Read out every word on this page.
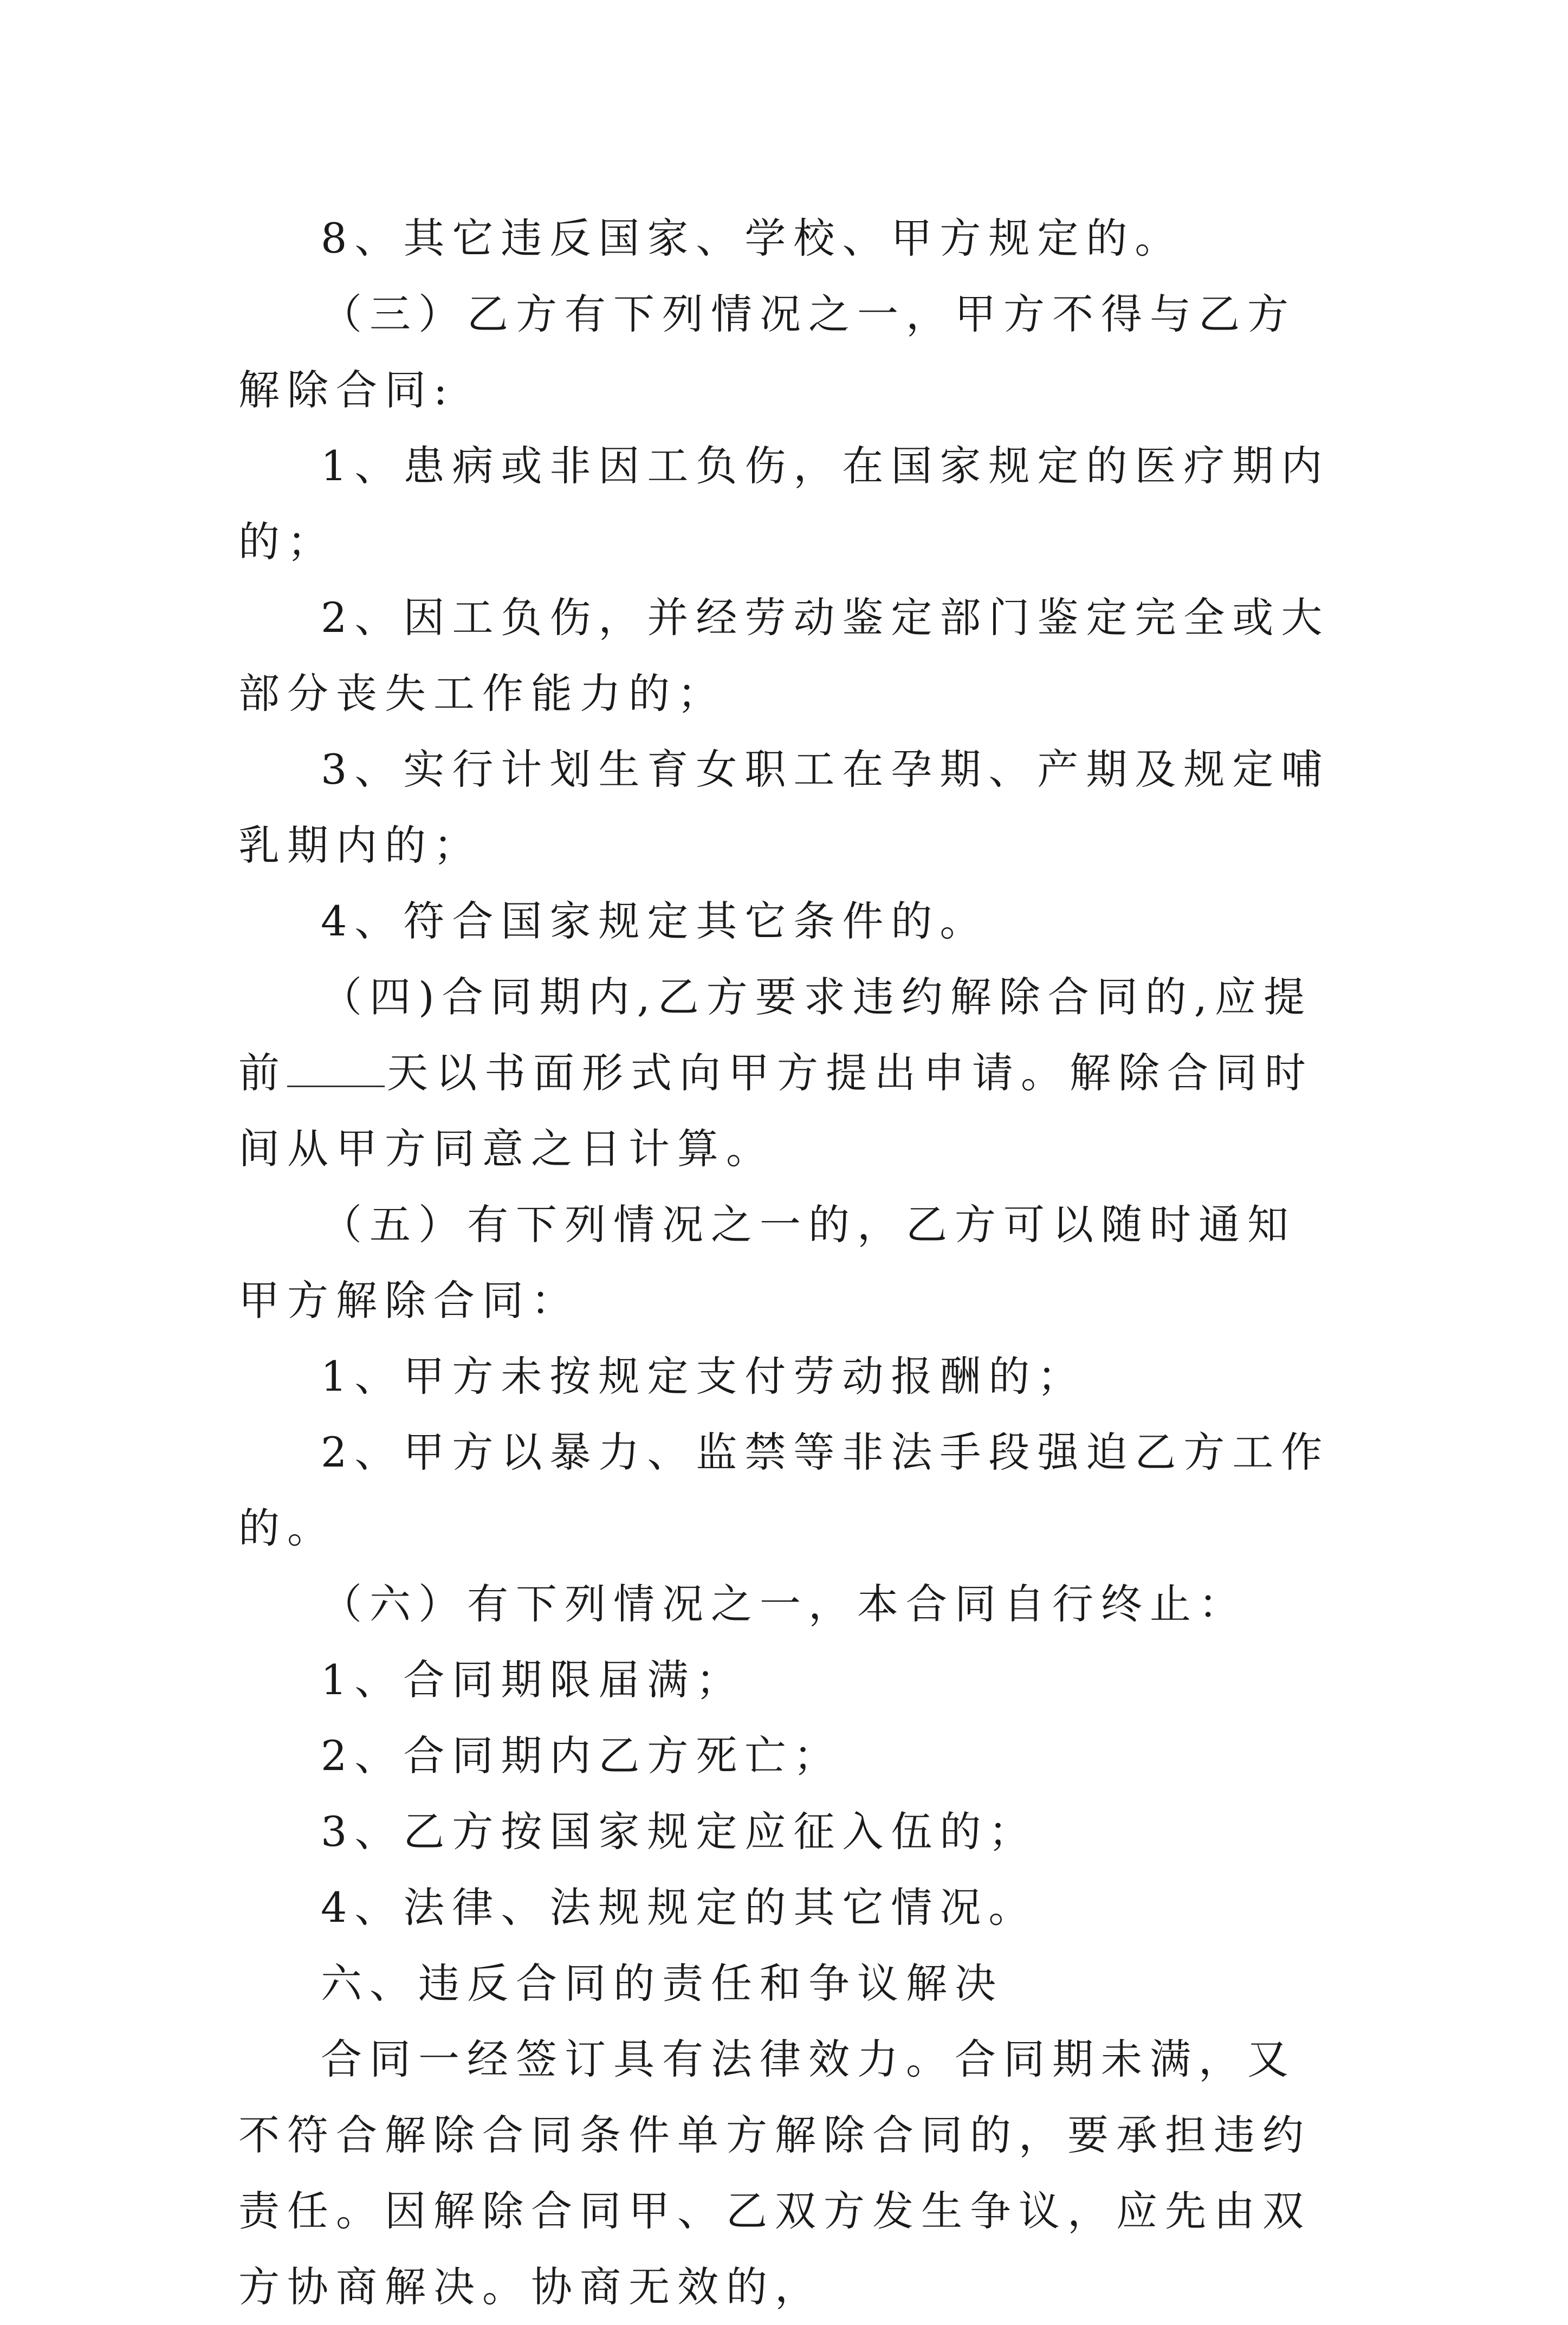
8、其它违反国家、学校、甲方规定的。

（三）乙方有下列情况之一，甲方不得与乙方解除合同:

1、患病或非因工负伤，在国家规定的医疗期内的；

2、因工负伤，并经劳动鉴定部门鉴定完全或大部分丧失工作能力的；

3、实行计划生育女职工在孕期、产期及规定哺乳期内的；

4、符合国家规定其它条件的。

（四)合同期内,乙方要求违约解除合同的,应提前 天以书面形式向甲方提出申请。解除合同时间从甲方同意之日计算。

（五）有下列情况之一的，乙方可以随时通知甲方解除合同：

1、甲方未按规定支付劳动报酬的；

2、甲方以暴力、监禁等非法手段强迫乙方工作的。

（六）有下列情况之一，本合同自行终止：

1、合同期限届满；

2、合同期内乙方死亡；

3、乙方按国家规定应征入伍的；

4、法律、法规规定的其它情况。

六、违反合同的责任和争议解决

合同一经签订具有法律效力。合同期未满，又不符合解除合同条件单方解除合同的，要承担违约责任。因解除合同甲、乙双方发生争议，应先由双方协商解决。协商无效的，
